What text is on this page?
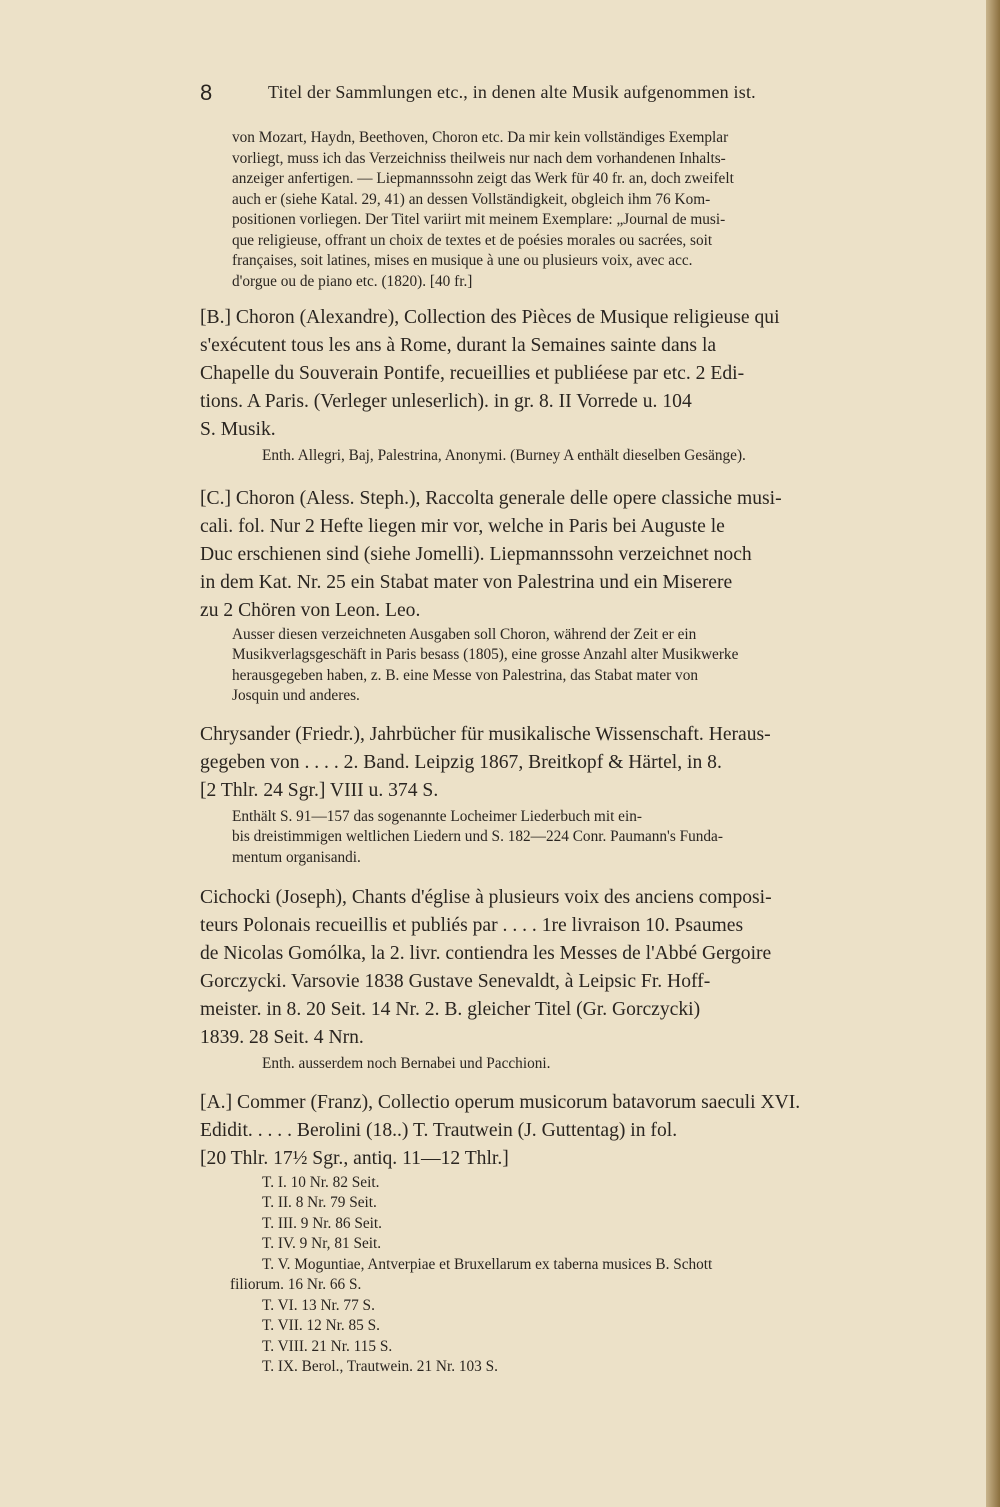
8	Titel der Sammlungen etc., in denen alte Musik aufgenommen ist.

von Mozart, Haydn, Beethoven, Choron etc. Da mir kein vollständiges Exemplar

vorliegt, muss ich das Verzeichniss theilweis nur nach dem vorhandenen Inhalts-

anzeiger anfertigen. — Liepmannssohn zeigt das Werk für 40 fr. an, doch zweifelt

auch er (siehe Katal. 29, 41) an dessen Vollständigkeit, obgleich ihm 76 Kom-

positionen vorliegen. Der Titel variirt mit meinem Exemplare: „Journal de musi-

que religieuse, offrant un choix de textes et de poésies morales ou sacrées, soit

françaises, soit latines, mises en musique à une ou plusieurs voix, avec acc.

d'orgue ou de piano etc. (1820). [40 fr.]

[B.] Choron (Alexandre), Collection des Pièces de Musique religieuse qui

s'exécutent tous les ans à Rome, durant la Semaines sainte dans la

Chapelle du Souverain Pontife, recueillies et publiéese par etc. 2 Edi-

tions. A Paris. (Verleger unleserlich). in gr. 8. II Vorrede u. 104

S. Musik.

Enth. Allegri, Baj, Palestrina, Anonymi. (Burney A enthält dieselben Gesänge).

[C.] Choron (Aless. Steph.), Raccolta generale delle opere classiche musi-

cali. fol. Nur 2 Hefte liegen mir vor, welche in Paris bei Auguste le

Duc erschienen sind (siehe Jomelli). Liepmannssohn verzeichnet noch

in dem Kat. Nr. 25 ein Stabat mater von Palestrina und ein Miserere

zu 2 Chören von Leon. Leo.

Ausser diesen verzeichneten Ausgaben soll Choron, während der Zeit er ein

Musikverlagsgeschäft in Paris besass (1805), eine grosse Anzahl alter Musikwerke

herausgegeben haben, z. B. eine Messe von Palestrina, das Stabat mater von

Josquin und anderes.

Chrysander (Friedr.), Jahrbücher für musikalische Wissenschaft. Heraus-

gegeben von . . . . 2. Band. Leipzig 1867, Breitkopf & Härtel, in 8.

[2 Thlr. 24 Sgr.] VIII u. 374 S.

Enthält S. 91—157 das sogenannte Locheimer Liederbuch mit ein-

bis dreistimmigen weltlichen Liedern und S. 182—224 Conr. Paumann's Funda-

mentum organisandi.

Cichocki (Joseph), Chants d'église à plusieurs voix des anciens composi-

teurs Polonais recueillis et publiés par . . . . 1re livraison 10. Psaumes

de Nicolas Gomólka, la 2. livr. contiendra les Messes de l'Abbé Gergoire

Gorczycki. Varsovie 1838 Gustave Senevaldt, à Leipsic Fr. Hoff-

meister. in 8. 20 Seit. 14 Nr. 2. B. gleicher Titel (Gr. Gorczycki)

1839. 28 Seit. 4 Nrn.

Enth. ausserdem noch Bernabei und Pacchioni.

[A.] Commer (Franz), Collectio operum musicorum batavorum saeculi XVI.

Edidit. . . . . Berolini (18..) T. Trautwein (J. Guttentag) in fol.

[20 Thlr. 17½ Sgr., antiq. 11—12 Thlr.]

T. I. 10 Nr. 82 Seit.

T. II. 8 Nr. 79 Seit.

T. III. 9 Nr. 86 Seit.

T. IV. 9 Nr, 81 Seit.

T. V. Moguntiae, Antverpiae et Bruxellarum ex taberna musices B. Schott

filiorum. 16 Nr. 66 S.

T. VI. 13 Nr. 77 S.

T. VII. 12 Nr. 85 S.

T. VIII. 21 Nr. 115 S.

T. IX. Berol., Trautwein. 21 Nr. 103 S.
